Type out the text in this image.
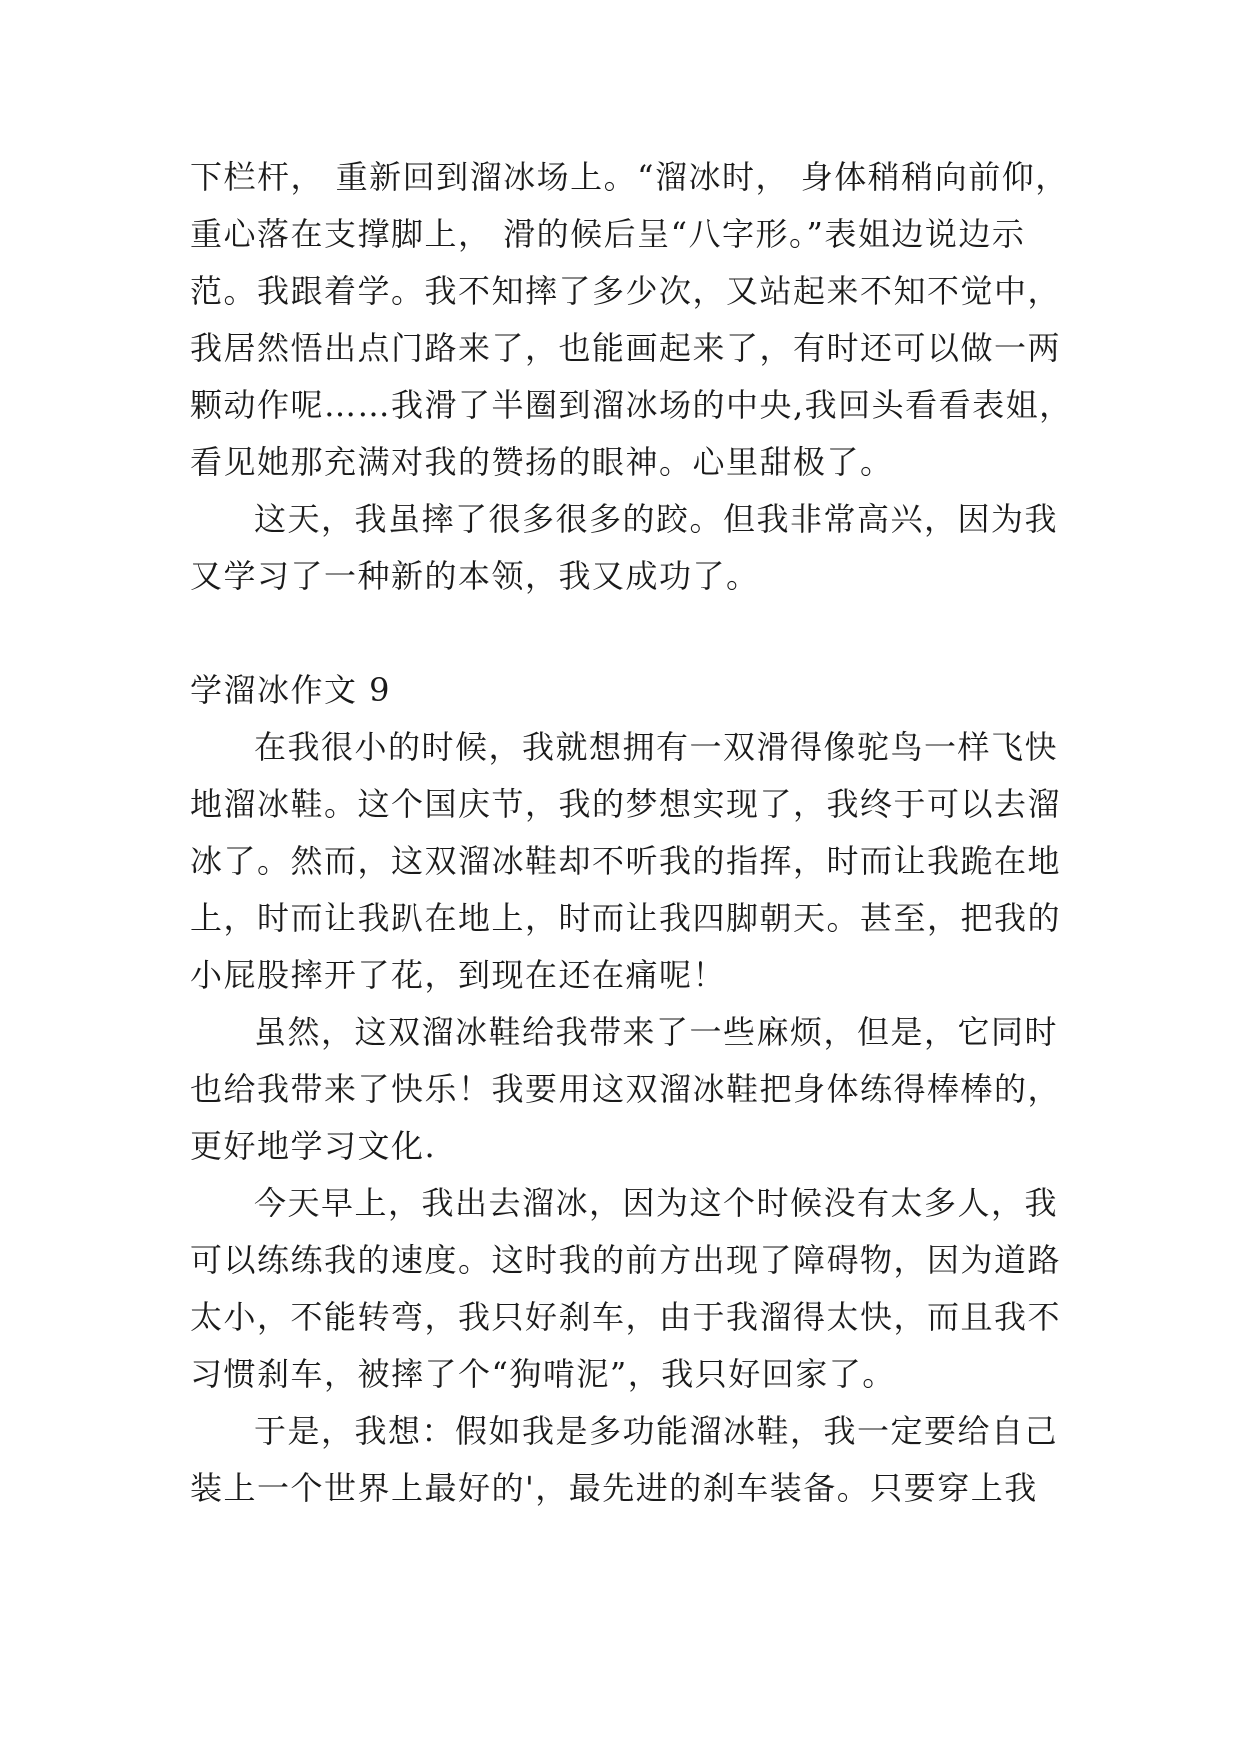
下栏杆， 重新回到溜冰场上。“溜冰时， 身体稍稍向前仰，
重心落在支撑脚上， 滑的候后呈“八字形。”表姐边说边示
范。我跟着学。我不知摔了多少次，又站起来不知不觉中，
我居然悟出点门路来了，也能画起来了，有时还可以做一两
颗动作呢……我滑了半圈到溜冰场的中央,我回头看看表姐，
看见她那充满对我的赞扬的眼神。心里甜极了。
这天，我虽摔了很多很多的跤。但我非常高兴，因为我
又学习了一种新的本领，我又成功了。
学溜冰作文 9
在我很小的时候，我就想拥有一双滑得像驼鸟一样飞快
地溜冰鞋。这个国庆节，我的梦想实现了，我终于可以去溜
冰了。然而，这双溜冰鞋却不听我的指挥，时而让我跪在地
上，时而让我趴在地上，时而让我四脚朝天。甚至，把我的
小屁股摔开了花，到现在还在痛呢！
虽然，这双溜冰鞋给我带来了一些麻烦，但是，它同时
也给我带来了快乐！我要用这双溜冰鞋把身体练得棒棒的，
更好地学习文化.
今天早上，我出去溜冰，因为这个时候没有太多人，我
可以练练我的速度。这时我的前方出现了障碍物，因为道路
太小，不能转弯，我只好刹车，由于我溜得太快，而且我不
习惯刹车，被摔了个“狗啃泥”，我只好回家了。
于是，我想：假如我是多功能溜冰鞋，我一定要给自己
装上一个世界上最好的'，最先进的刹车装备。只要穿上我
